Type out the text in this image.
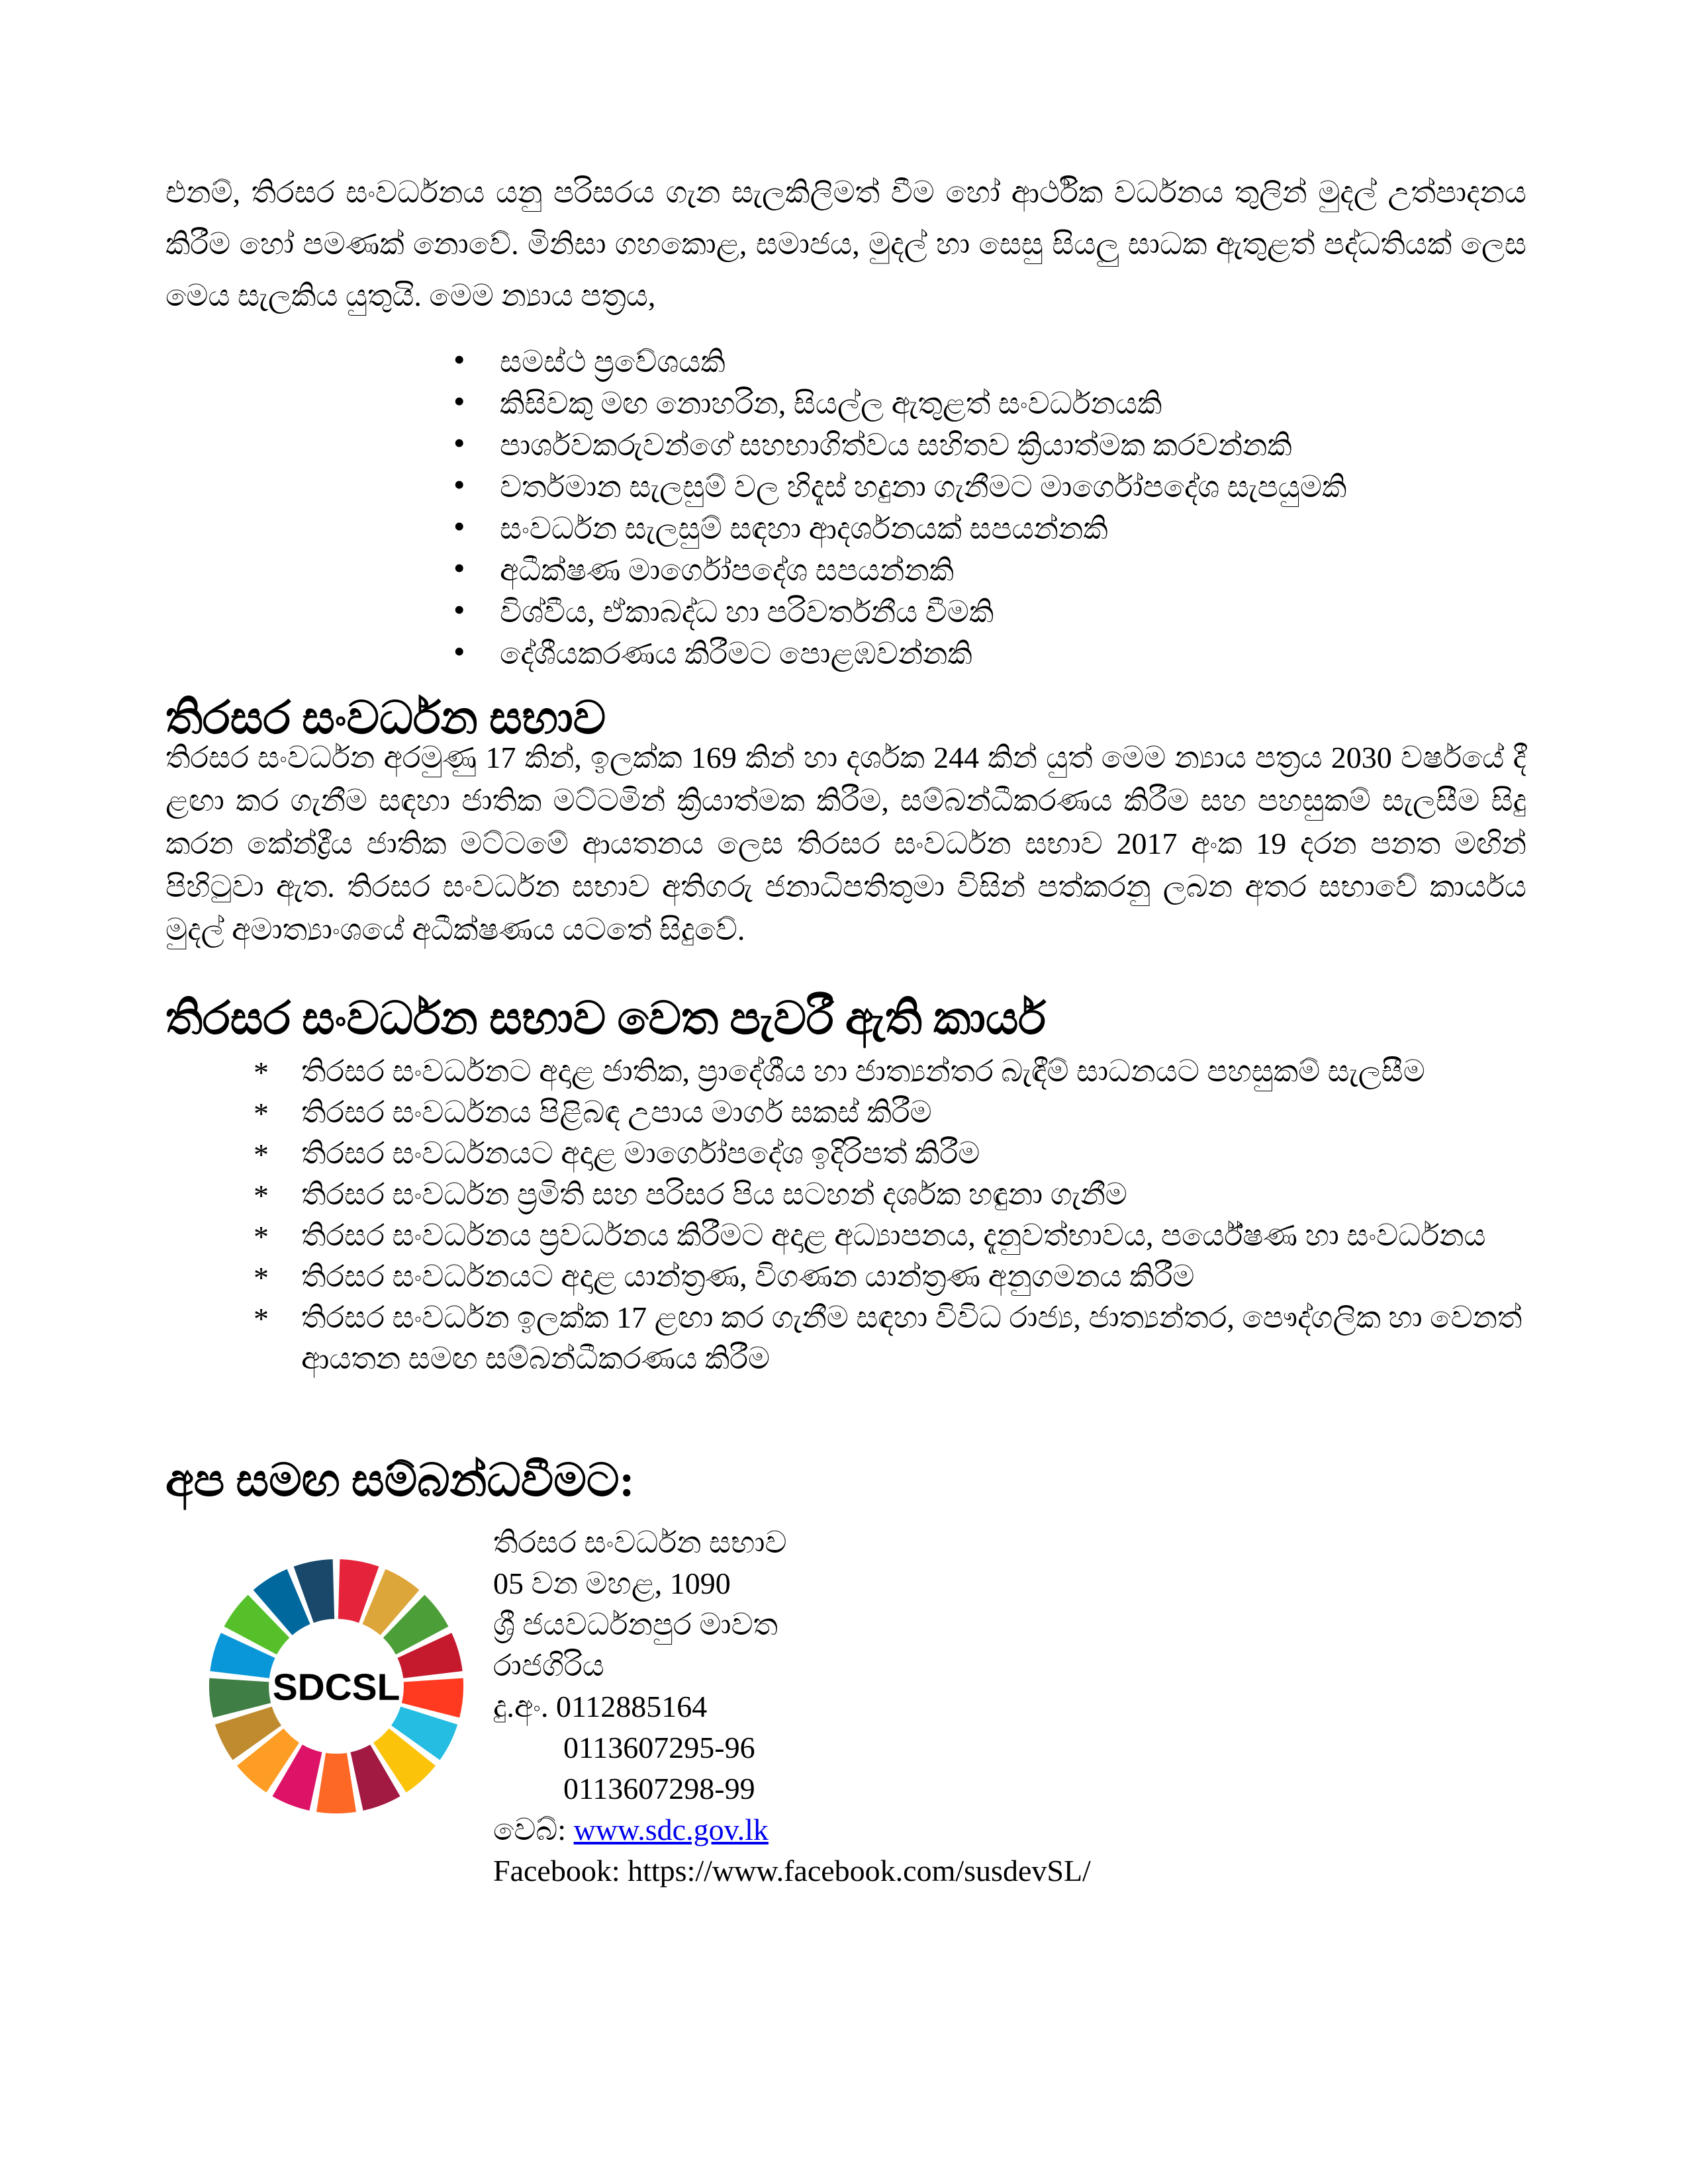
එනම්, තිරසර සංවර්ධනය යනු පරිසරය ගැන සැලකිලිමත් වීම හෝ ආර්ථික වර්ධනය තුලින් මුදල් උත්පාදනය කිරීම හෝ පමණක් නොවේ. මිනිසා ගහකොළ, සමාජය, මුදල් හා සෙසු සියලු සාධක ඇතුළත් පද්ධතියක් ලෙස මෙය සැලකිය යුතුයි. මෙම න්‍යාය පත්‍රය,

• සමස්ථ ප්‍රවේශයකි
• කිසිවකු මඟ නොහරින, සියල්ල ඇතුළත් සංවර්ධනයකි
• පාර්ශවකරුවන්ගේ සහභාගිත්වය සහිතව ක්‍රියාත්මක කරවන්නකි
• වර්තමාන සැලසුම් වල හිදැස් හදුනා ගැනීමට මාර්ගෝපදේශ සැපයුමකි
• සංවර්ධන සැලසුම් සඳහා ආදර්ශනයක් සපයන්නකි
• අධීක්ෂණ මාර්ගෝපදේශ සපයන්නකි
• විශ්වීය, ඒකාබද්ධ හා පරිවර්තනීය වීමකි
• දේශීයකරණය කිරීමට පොළඹවන්නකි
තිරසර සංවර්ධන සභාව

තිරසර සංවර්ධන අරමුණු 17 කින්, ඉලක්ක 169 කින් හා දර්ශක 244 කින් යුත් මෙම න්‍යාය පත්‍රය 2030 වර්ෂයේ දී ළඟා කර ගැනීම සඳහා ජාතික මට්ටමින් ක්‍රියාත්මක කිරීම, සම්බන්ධීකරණය කිරීම සහ පහසුකම් සැලසීම සිදු කරන කේන්ද්‍රීය ජාතික මට්ටමේ ආයතනය ලෙස තිරසර සංවර්ධන සභාව 2017 අංක 19 දරන පනත මඟින් පිහිටුවා ඇත. තිරසර සංවර්ධන සභාව අතිගරු ජනාධිපතිතුමා විසින් පත්කරනු ලබන අතර සභාවේ කාර්යය මුදල් අමාත්‍යාංශයේ අධීක්ෂණය යටතේ සිදුවේ.

තිරසර සංවර්ධන සභාව වෙත පැවරී ඇති කාර්ය
* තිරසර සංවර්ධනට අදාළ ජාතික, ප්‍රාදේශීය හා ජාත්‍යන්තර බැඳීම් සාධනයට පහසුකම් සැලසීම
* තිරසර සංවර්ධනය පිළිබඳ උපාය මාර්ග සකස් කිරීම
* තිරසර සංවර්ධනයට අදාළ මාර්ගෝපදේශ ඉදිරිපත් කිරීම
* තිරසර සංවර්ධන ප්‍රමිති සහ පරිසර පිය සටහන් දර්ශක හඳුනා ගැනීම
* තිරසර සංවර්ධනය ප්‍රවර්ධනය කිරීමට අදාළ අධ්‍යාපනය, දැනුවත්භාවය, පර්යේෂණ හා සංවර්ධනය
* තිරසර සංවර්ධනයට අදාළ යාන්ත්‍රණ, විගණන යාන්ත්‍රණ අනුගමනය කිරීම
* තිරසර සංවර්ධන ඉලක්ක 17 ළඟා කර ගැනීම සඳහා විවිධ රාජ්‍ය, ජාත්‍යන්තර, පෞද්ගලික හා වෙනත් ආයතන සමඟ සම්බන්ධීකරණය කිරීම
අප සමඟ සම්බන්ධවීමට:
SDCSL
තිරසර සංවර්ධන සභාව
05 වන මහළ, 1090
ශ්‍රී ජයවර්ධනපුර මාවත
රාජගිරිය
දු.අං. 0112885164
0113607295-96
0113607298-99
වෙබ්: www.sdc.gov.lk
Facebook: https://www.facebook.com/susdevSL/
